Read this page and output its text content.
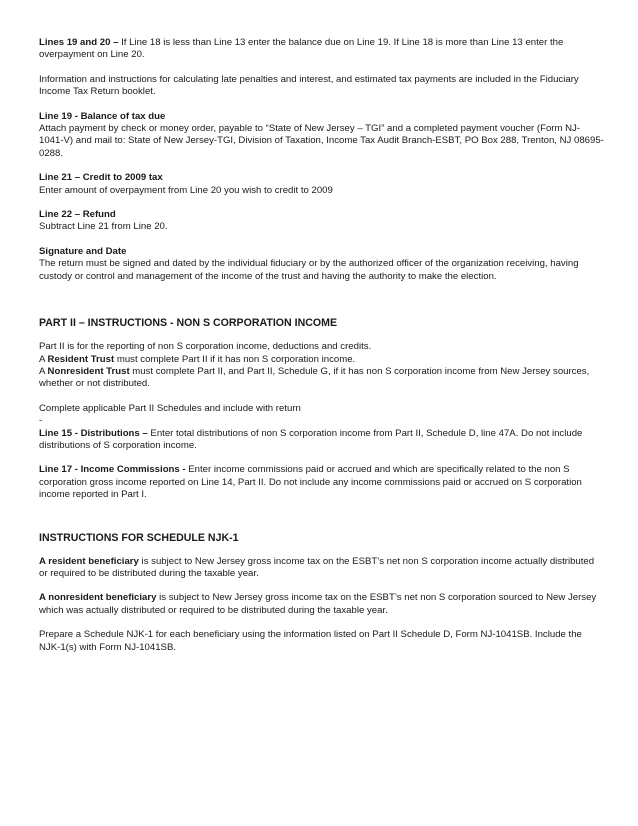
Lines 19 and 20 – If Line 18 is less than Line 13 enter the balance due on Line 19. If Line 18 is more than Line 13 enter the overpayment on Line 20.

Information and instructions for calculating late penalties and interest, and estimated tax payments are included in the Fiduciary Income Tax Return booklet.

Line 19 - Balance of tax due
Attach payment by check or money order, payable to “State of New Jersey – TGI” and a completed payment voucher (Form NJ-1041-V) and mail to: State of New Jersey-TGI, Division of Taxation, Income Tax Audit Branch-ESBT, PO Box 288, Trenton, NJ 08695-0288.

Line 21 – Credit to 2009 tax
Enter amount of overpayment from Line 20 you wish to credit to 2009

Line 22 – Refund
Subtract Line 21 from Line 20.

Signature and Date
The return must be signed and dated by the individual fiduciary or by the authorized officer of the organization receiving, having custody or control and management of the income of the trust and having the authority to make the election.

PART II – INSTRUCTIONS - NON S CORPORATION INCOME

Part II is for the reporting of non S corporation income, deductions and credits.
A Resident Trust must complete Part II if it has non S corporation income.
A Nonresident Trust must complete Part II, and Part II, Schedule G, if it has non S corporation income from New Jersey sources, whether or not distributed.

Complete applicable Part II Schedules and include with return
-
Line 15 - Distributions – Enter total distributions of non S corporation income from Part II, Schedule D, line 47A. Do not include distributions of S corporation income.

Line 17 - Income Commissions - Enter income commissions paid or accrued and which are specifically related to the non S corporation gross income reported on Line 14, Part II. Do not include any income commissions paid or accrued on S corporation income reported in Part I.

INSTRUCTIONS FOR SCHEDULE NJK-1

A resident beneficiary is subject to New Jersey gross income tax on the ESBT’s net non S corporation income actually distributed or required to be distributed during the taxable year.

A nonresident beneficiary is subject to New Jersey gross income tax on the ESBT’s net non S corporation sourced to New Jersey which was actually distributed or required to be distributed during the taxable year.

Prepare a Schedule NJK-1 for each beneficiary using the information listed on Part II Schedule D, Form NJ-1041SB. Include the NJK-1(s) with Form NJ-1041SB.
